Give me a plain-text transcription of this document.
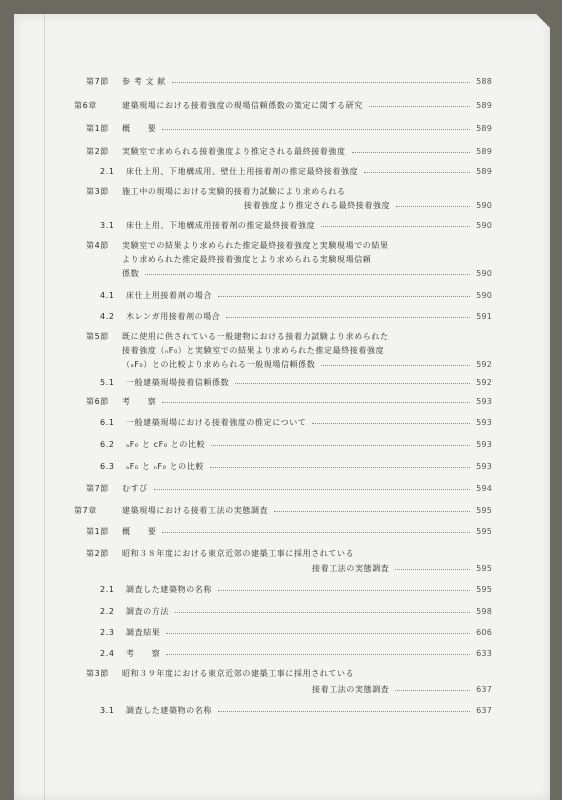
第7節	参 考 文 献	588
第6章	建築現場における接着強度の現場信頼係数の策定に関する研究	589
第1節	概　　要	589
第2節	実験室で求められる接着強度より推定される最終接着強度	589
2.1	床仕上用、下地構成用、壁仕上用接着剤の推定最終接着強度	589
第3節	施工中の現場における実験的接着力試験により求められる
接着強度より推定される最終接着強度	590
3.1	床仕上用、下地構成用接着剤の推定最終接着強度	590
第4節	実験室での結果より求められた推定最終接着強度と実験現場での結果
より求められた推定最終接着強度とより求められる実験現場信頼
係数	590
4.1	床仕上用接着剤の場合	590
4.2	木レンガ用接着剤の場合	591
第5節	既に使用に供されている一般建物における接着力試験より求められた
接着強度（ₙF₀）と実験室での結果より求められた推定最終接着強度
（ₐF₀）との比較より求められる一般現場信頼係数	592
5.1	一般建築現場接着信頼係数	592
第6節	考　　察	593
6.1	一般建築現場における接着強度の推定について	593
6.2	ₐF₀ と cF₀ との比較	593
6.3	ₐF₀ と ₙF₀ との比較	593
第7節	むすび	594
第7章	建築現場における接着工法の実態調査	595
第1節	概　　要	595
第2節	昭和３８年度における東京近郊の建築工事に採用されている
接着工法の実態調査	595
2.1	調査した建築物の名称	595
2.2	調査の方法	598
2.3	調査結果	606
2.4	考　　察	633
第3節	昭和３９年度における東京近郊の建築工事に採用されている
接着工法の実態調査	637
3.1	調査した建築物の名称	637
